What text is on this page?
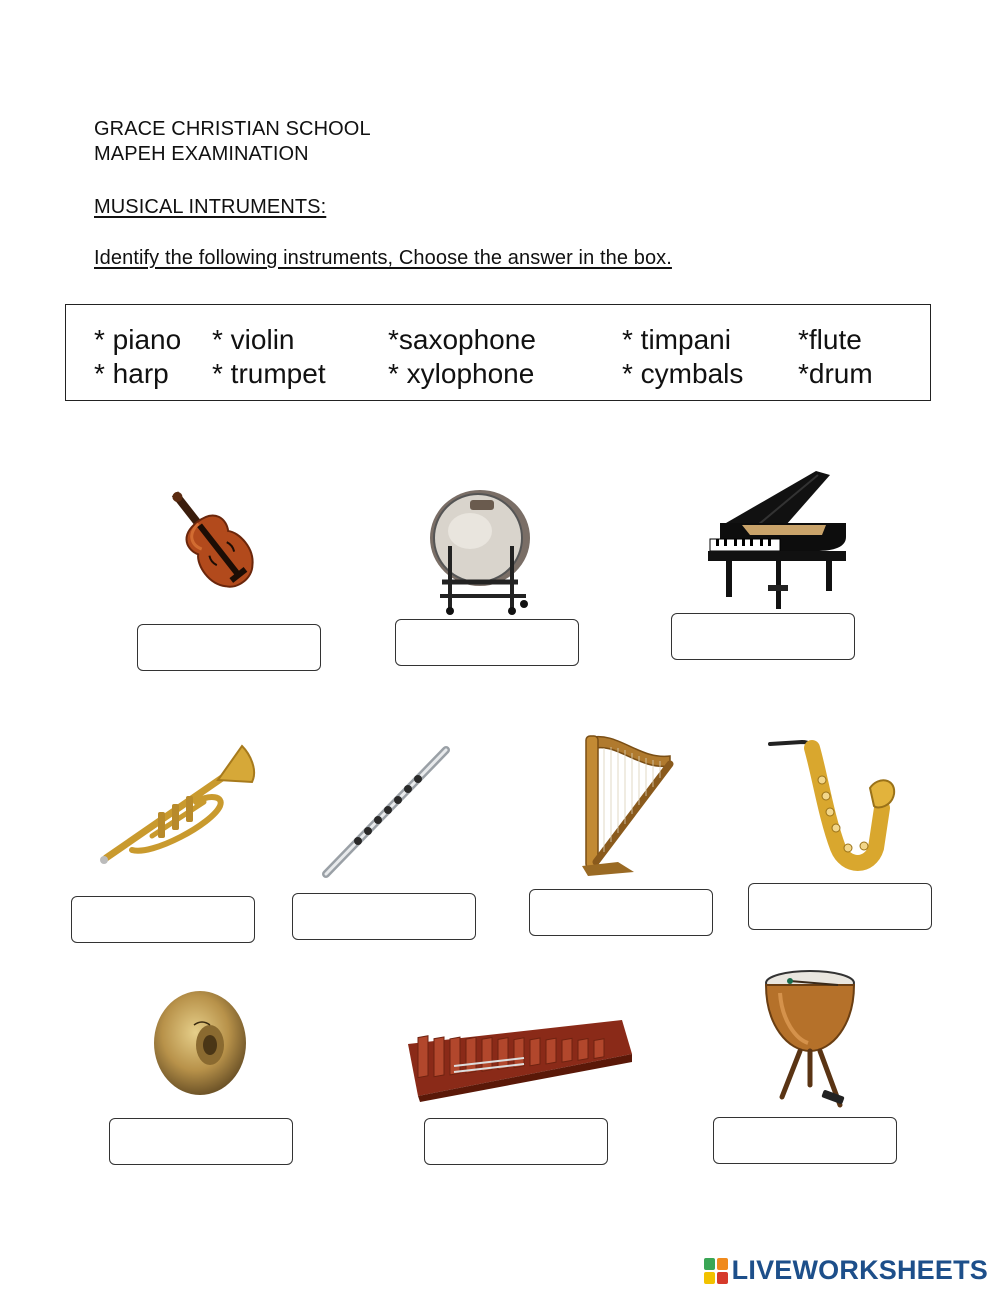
GRACE CHRISTIAN SCHOOL
MAPEH EXAMINATION
MUSICAL INTRUMENTS:
Identify the following instruments, Choose the answer in the box.
* piano * violin	*saxophone	* timpani *flute
* harp * trumpet * xylophone	* cymbals *drum
LIVEWORKSHEETS
